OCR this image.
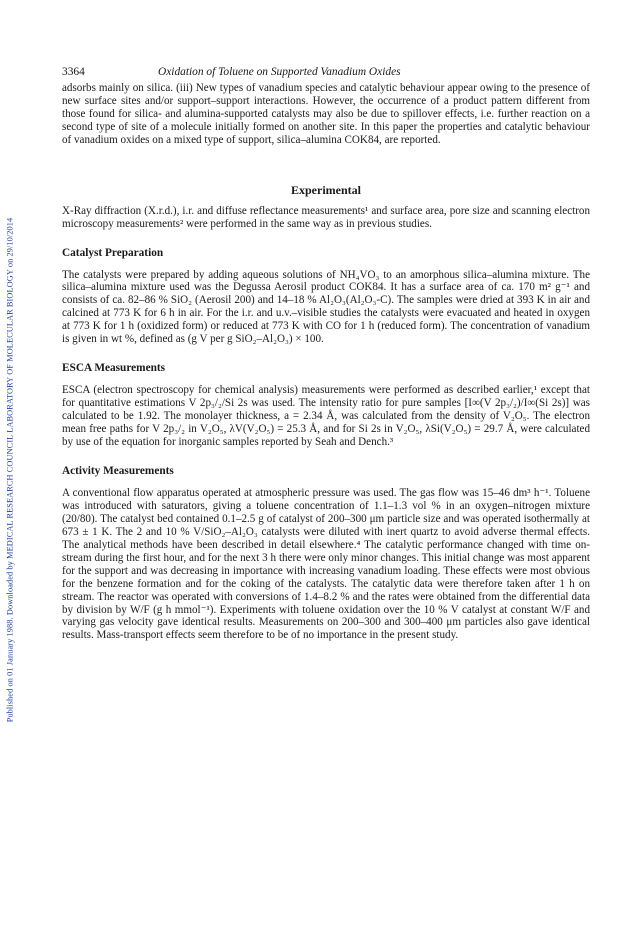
Published on 01 January 1988. Downloaded by MEDICAL RESEARCH COUNCIL LABORATORY OF MOLECULAR BIOLOGY on 29/10/2014
3364	Oxidation of Toluene on Supported Vanadium Oxides

adsorbs mainly on silica. (iii) New types of vanadium species and catalytic behaviour appear owing to the presence of new surface sites and/or support–support interactions. However, the occurrence of a product pattern different from those found for silica- and alumina-supported catalysts may also be due to spillover effects, i.e. further reaction on a second type of site of a molecule initially formed on another site. In this paper the properties and catalytic behaviour of vanadium oxides on a mixed type of support, silica–alumina COK84, are reported.

Experimental

X-Ray diffraction (X.r.d.), i.r. and diffuse reflectance measurements¹ and surface area, pore size and scanning electron microscopy measurements² were performed in the same way as in previous studies.

Catalyst Preparation

The catalysts were prepared by adding aqueous solutions of NH₄VO₃ to an amorphous silica–alumina mixture. The silica–alumina mixture used was the Degussa Aerosil product COK84. It has a surface area of ca. 170 m² g⁻¹ and consists of ca. 82–86 % SiO₂ (Aerosil 200) and 14–18 % Al₂O₃(Al₂O₃-C). The samples were dried at 393 K in air and calcined at 773 K for 6 h in air. For the i.r. and u.v.–visible studies the catalysts were evacuated and heated in oxygen at 773 K for 1 h (oxidized form) or reduced at 773 K with CO for 1 h (reduced form). The concentration of vanadium is given in wt %, defined as (g V per g SiO₂–Al₂O₃) × 100.

ESCA Measurements

ESCA (electron spectroscopy for chemical analysis) measurements were performed as described earlier,¹ except that for quantitative estimations V 2p₃/₂/Si 2s was used. The intensity ratio for pure samples [I∞(V 2p₃/₂)/I∞(Si 2s)] was calculated to be 1.92. The monolayer thickness, a = 2.34 Å, was calculated from the density of V₂O₅. The electron mean free paths for V 2p₃/₂ in V₂O₅, λV(V₂O₅) = 25.3 Å, and for Si 2s in V₂O₅, λSi(V₂O₅) = 29.7 Å, were calculated by use of the equation for inorganic samples reported by Seah and Dench.³

Activity Measurements

A conventional flow apparatus operated at atmospheric pressure was used. The gas flow was 15–46 dm³ h⁻¹. Toluene was introduced with saturators, giving a toluene concentration of 1.1–1.3 vol % in an oxygen–nitrogen mixture (20/80). The catalyst bed contained 0.1–2.5 g of catalyst of 200–300 μm particle size and was operated isothermally at 673 ± 1 K. The 2 and 10 % V/SiO₂–Al₂O₃ catalysts were diluted with inert quartz to avoid adverse thermal effects. The analytical methods have been described in detail elsewhere.⁴ The catalytic performance changed with time on-stream during the first hour, and for the next 3 h there were only minor changes. This initial change was most apparent for the support and was decreasing in importance with increasing vanadium loading. These effects were most obvious for the benzene formation and for the coking of the catalysts. The catalytic data were therefore taken after 1 h on stream. The reactor was operated with conversions of 1.4–8.2 % and the rates were obtained from the differential data by division by W/F (g h mmol⁻¹). Experiments with toluene oxidation over the 10 % V catalyst at constant W/F and varying gas velocity gave identical results. Measurements on 200–300 and 300–400 μm particles also gave identical results. Mass-transport effects seem therefore to be of no importance in the present study.
